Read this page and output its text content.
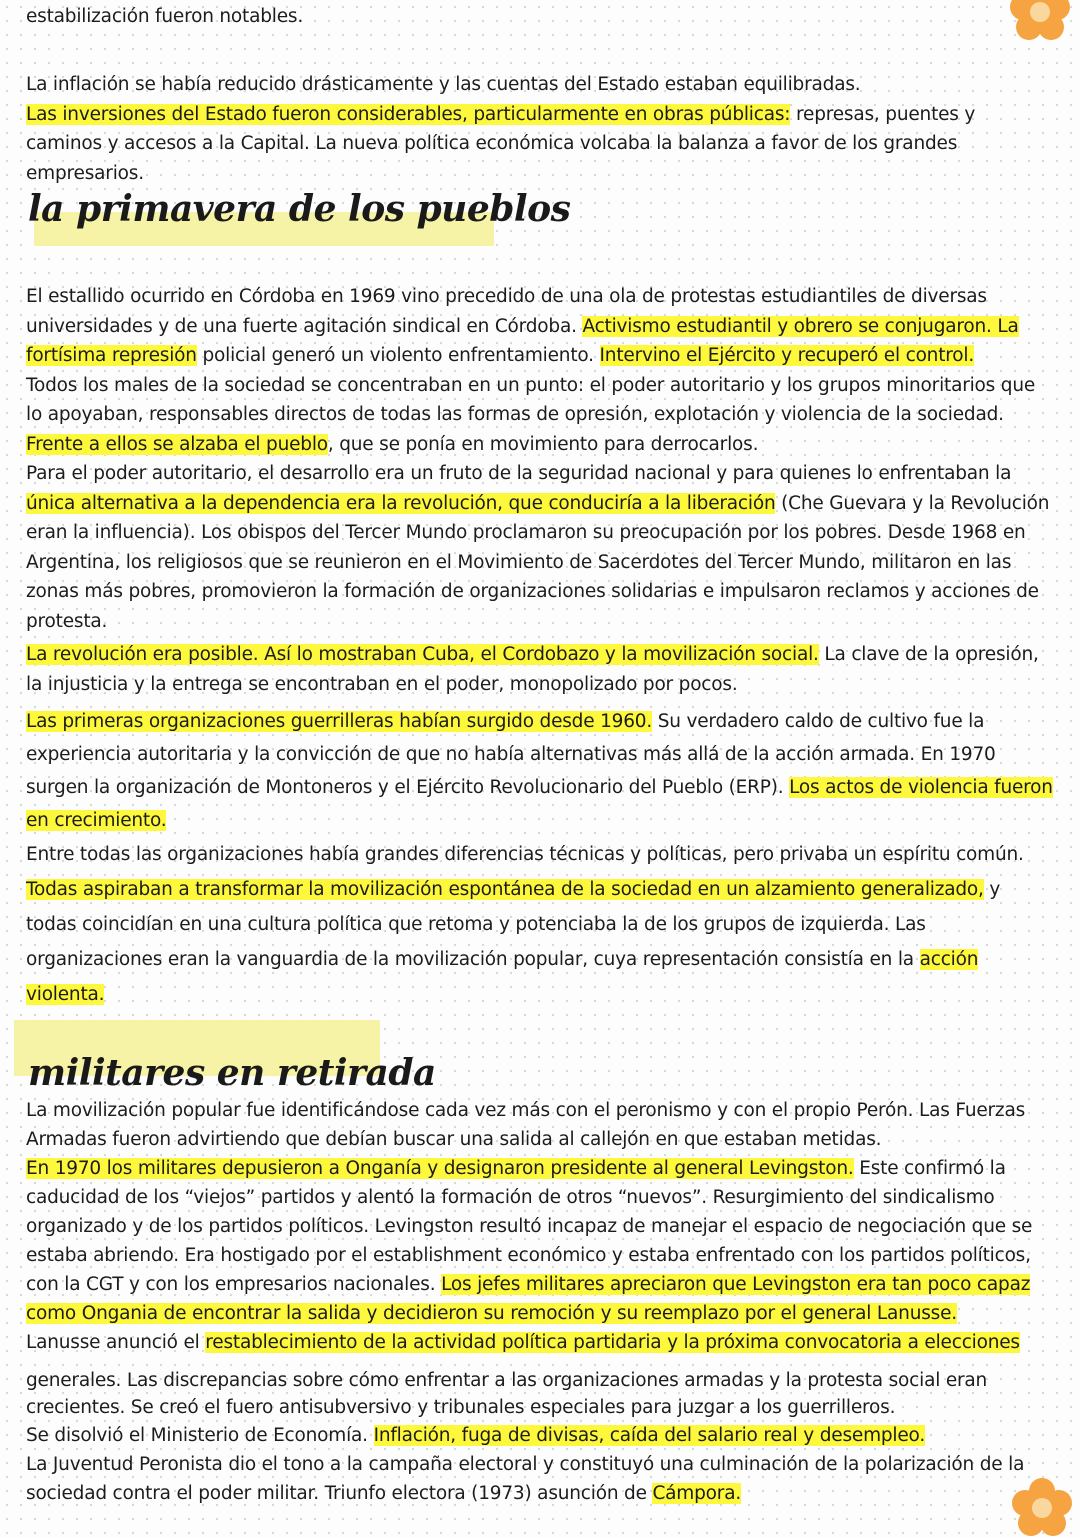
estabilización fueron notables.

La inflación se había reducido drásticamente y las cuentas del Estado estaban equilibradas.

Las inversiones del Estado fueron considerables, particularmente en obras públicas: represas, puentes y caminos y accesos a la Capital. La nueva política económica volcaba la balanza a favor de los grandes empresarios.

la primavera de los pueblos

El estallido ocurrido en Córdoba en 1969 vino precedido de una ola de protestas estudiantiles de diversas universidades y de una fuerte agitación sindical en Córdoba. Activismo estudiantil y obrero se conjugaron. La fortísima represión policial generó un violento enfrentamiento. Intervino el Ejército y recuperó el control.

Todos los males de la sociedad se concentraban en un punto: el poder autoritario y los grupos minoritarios que lo apoyaban, responsables directos de todas las formas de opresión, explotación y violencia de la sociedad. Frente a ellos se alzaba el pueblo, que se ponía en movimiento para derrocarlos.

Para el poder autoritario, el desarrollo era un fruto de la seguridad nacional y para quienes lo enfrentaban la única alternativa a la dependencia era la revolución, que conduciría a la liberación (Che Guevara y la Revolución eran la influencia). Los obispos del Tercer Mundo proclamaron su preocupación por los pobres. Desde 1968 en Argentina, los religiosos que se reunieron en el Movimiento de Sacerdotes del Tercer Mundo, militaron en las zonas más pobres, promovieron la formación de organizaciones solidarias e impulsaron reclamos y acciones de protesta.

La revolución era posible. Así lo mostraban Cuba, el Cordobazo y la movilización social. La clave de la opresión, la injusticia y la entrega se encontraban en el poder, monopolizado por pocos.

Las primeras organizaciones guerrilleras habían surgido desde 1960. Su verdadero caldo de cultivo fue la experiencia autoritaria y la convicción de que no había alternativas más allá de la acción armada. En 1970 surgen la organización de Montoneros y el Ejército Revolucionario del Pueblo (ERP). Los actos de violencia fueron en crecimiento.

Entre todas las organizaciones había grandes diferencias técnicas y políticas, pero privaba un espíritu común.

Todas aspiraban a transformar la movilización espontánea de la sociedad en un alzamiento generalizado, y todas coincidían en una cultura política que retoma y potenciaba la de los grupos de izquierda. Las organizaciones eran la vanguardia de la movilización popular, cuya representación consistía en la acción violenta.

militares en retirada

La movilización popular fue identificándose cada vez más con el peronismo y con el propio Perón. Las Fuerzas Armadas fueron advirtiendo que debían buscar una salida al callejón en que estaban metidas.

En 1970 los militares depusieron a Onganía y designaron presidente al general Levingston. Este confirmó la caducidad de los “viejos” partidos y alentó la formación de otros “nuevos”. Resurgimiento del sindicalismo organizado y de los partidos políticos. Levingston resultó incapaz de manejar el espacio de negociación que se estaba abriendo. Era hostigado por el establishment económico y estaba enfrentado con los partidos políticos, con la CGT y con los empresarios nacionales. Los jefes militares apreciaron que Levingston era tan poco capaz como Ongania de encontrar la salida y decidieron su remoción y su reemplazo por el general Lanusse.

Lanusse anunció el restablecimiento de la actividad política partidaria y la próxima convocatoria a elecciones

generales. Las discrepancias sobre cómo enfrentar a las organizaciones armadas y la protesta social eran crecientes. Se creó el fuero antisubversivo y tribunales especiales para juzgar a los guerrilleros.

Se disolvió el Ministerio de Economía. Inflación, fuga de divisas, caída del salario real y desempleo.

La Juventud Peronista dio el tono a la campaña electoral y constituyó una culminación de la polarización de la sociedad contra el poder militar. Triunfo electora (1973) asunción de Cámpora.
